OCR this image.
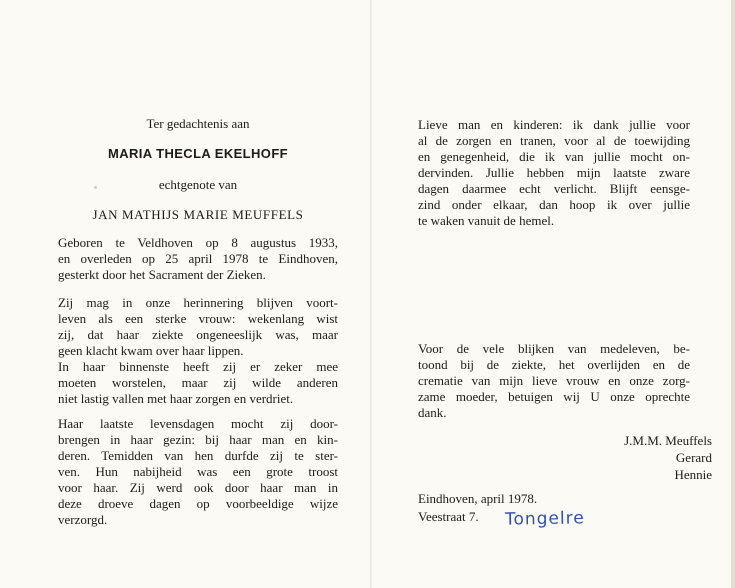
Ter gedachtenis aan
MARIA THECLA EKELHOFF
echtgenote van
JAN MATHIJS MARIE MEUFFELS

Geboren te Veldhoven op 8 augustus 1933,
en overleden op 25 april 1978 te Eindhoven,
gesterkt door het Sacrament der Zieken.

Zij mag in onze herinnering blijven voort-
leven als een sterke vrouw: wekenlang wist
zij, dat haar ziekte ongeneeslijk was, maar
geen klacht kwam over haar lippen.
In haar binnenste heeft zij er zeker mee
moeten worstelen, maar zij wilde anderen
niet lastig vallen met haar zorgen en verdriet.

Haar laatste levensdagen mocht zij door-
brengen in haar gezin: bij haar man en kin-
deren. Temidden van hen durfde zij te ster-
ven. Hun nabijheid was een grote troost
voor haar. Zij werd ook door haar man in
deze droeve dagen op voorbeeldige wijze
verzorgd.

Lieve man en kinderen: ik dank jullie voor
al de zorgen en tranen, voor al de toewijding
en genegenheid, die ik van jullie mocht on-
dervinden. Jullie hebben mijn laatste zware
dagen daarmee echt verlicht. Blijft eensge-
zind onder elkaar, dan hoop ik over jullie
te waken vanuit de hemel.

Voor de vele blijken van medeleven, be-
toond bij de ziekte, het overlijden en de
crematie van mijn lieve vrouw en onze zorg-
zame moeder, betuigen wij U onze oprechte
dank.

J.M.M. Meuffels
Gerard
Hennie
Eindhoven, april 1978.
Veestraat 7. Tongelre
